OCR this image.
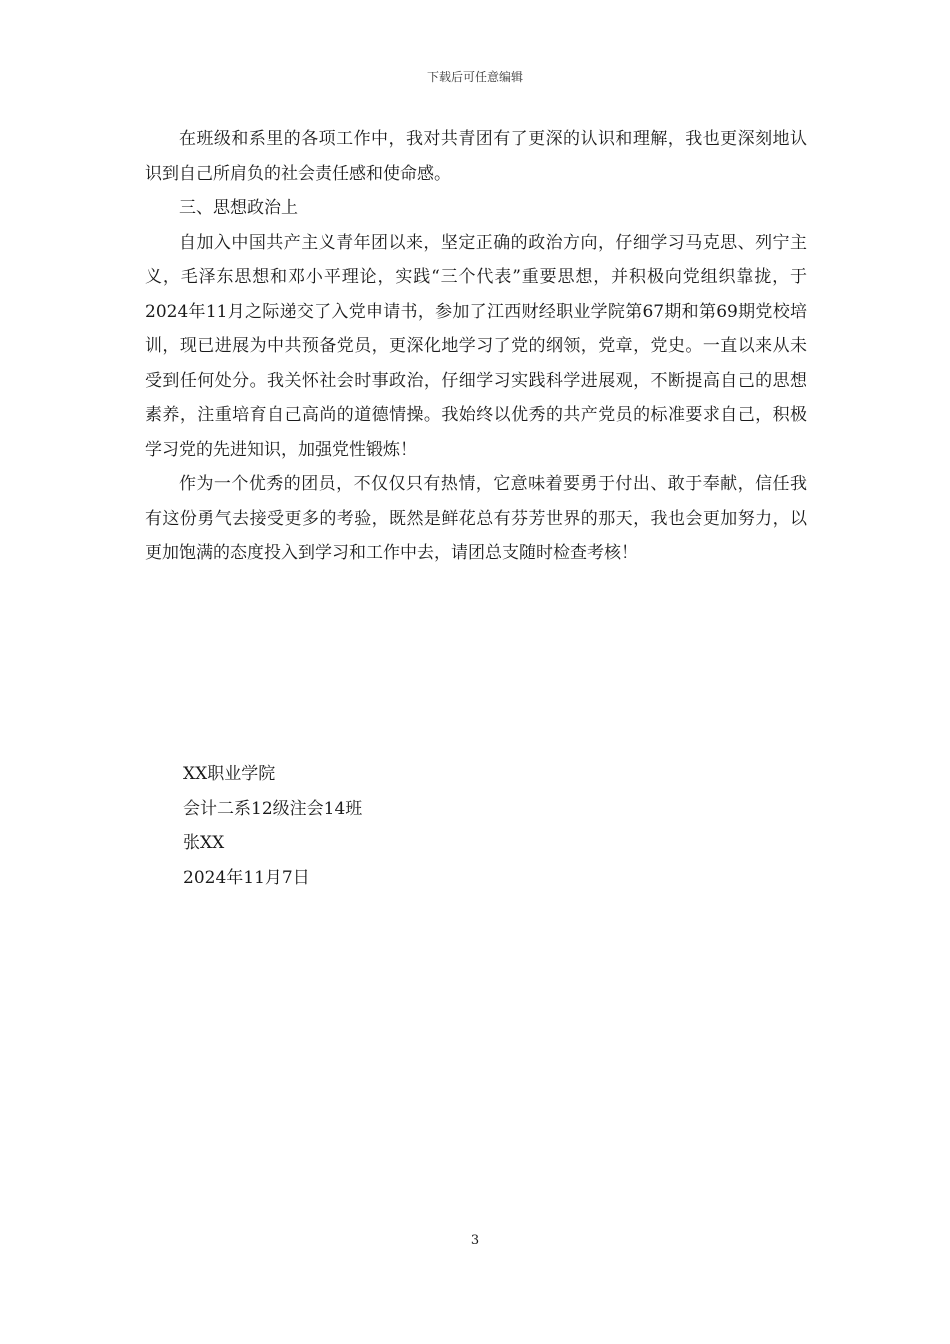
下载后可任意编辑

在班级和系里的各项工作中，我对共青团有了更深的认识和理解，我也更深刻地认识到自己所肩负的社会责任感和使命感。

三、思想政治上

自加入中国共产主义青年团以来，坚定正确的政治方向，仔细学习马克思、列宁主义，毛泽东思想和邓小平理论，实践“三个代表”重要思想，并积极向党组织靠拢，于2024年11月之际递交了入党申请书，参加了江西财经职业学院第67期和第69期党校培训，现已进展为中共预备党员，更深化地学习了党的纲领，党章，党史。一直以来从未受到任何处分。我关怀社会时事政治，仔细学习实践科学进展观，不断提高自己的思想素养，注重培育自己高尚的道德情操。我始终以优秀的共产党员的标准要求自己，积极学习党的先进知识，加强党性锻炼！

作为一个优秀的团员，不仅仅只有热情，它意味着要勇于付出、敢于奉献，信任我有这份勇气去接受更多的考验，既然是鲜花总有芬芳世界的那天，我也会更加努力，以更加饱满的态度投入到学习和工作中去，请团总支随时检查考核！

XX职业学院
会计二系12级注会14班
张XX
2024年11月7日
3
